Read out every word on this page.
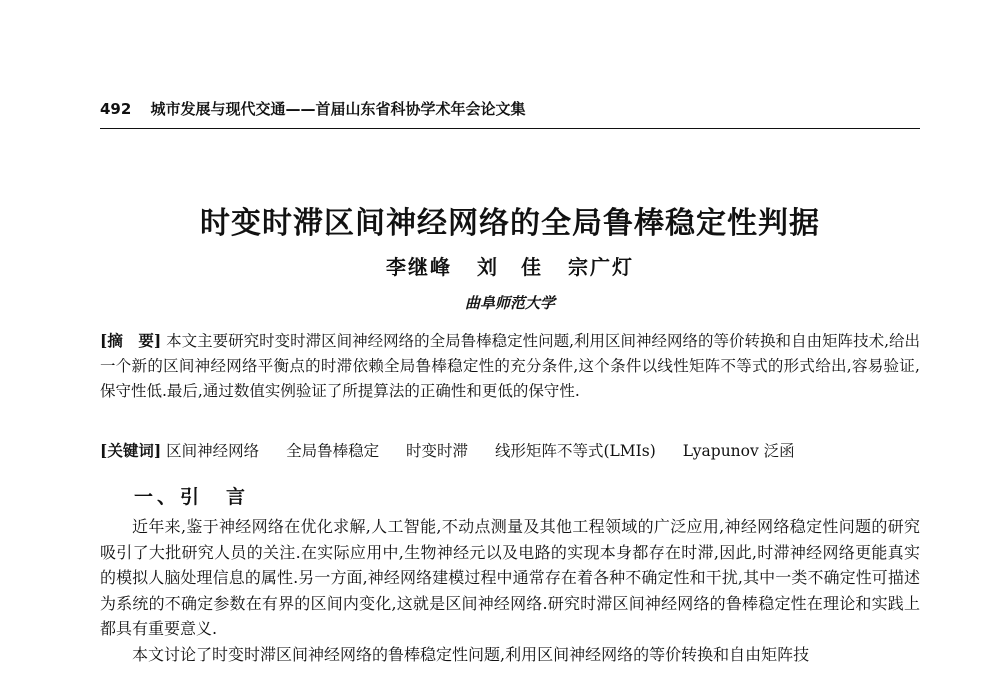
492 城市发展与现代交通——首届山东省科协学术年会论文集
时变时滞区间神经网络的全局鲁棒稳定性判据
李继峰 刘　佳 宗广灯
曲阜师范大学
[摘　要] 本文主要研究时变时滞区间神经网络的全局鲁棒稳定性问题,利用区间神经网络的等价转换和自由矩阵技术,给出一个新的区间神经网络平衡点的时滞依赖全局鲁棒稳定性的充分条件,这个条件以线性矩阵不等式的形式给出,容易验证,保守性低.最后,通过数值实例验证了所提算法的正确性和更低的保守性.
[关键词] 区间神经网络 全局鲁棒稳定 时变时滞 线形矩阵不等式(LMIs) Lyapunov 泛函
一、引　言

近年来,鉴于神经网络在优化求解,人工智能,不动点测量及其他工程领域的广泛应用,神经网络稳定性问题的研究吸引了大批研究人员的关注.在实际应用中,生物神经元以及电路的实现本身都存在时滞,因此,时滞神经网络更能真实的模拟人脑处理信息的属性.另一方面,神经网络建模过程中通常存在着各种不确定性和干扰,其中一类不确定性可描述为系统的不确定参数在有界的区间内变化,这就是区间神经网络.研究时滞区间神经网络的鲁棒稳定性在理论和实践上都具有重要意义.

本文讨论了时变时滞区间神经网络的鲁棒稳定性问题,利用区间神经网络的等价转换和自由矩阵技
